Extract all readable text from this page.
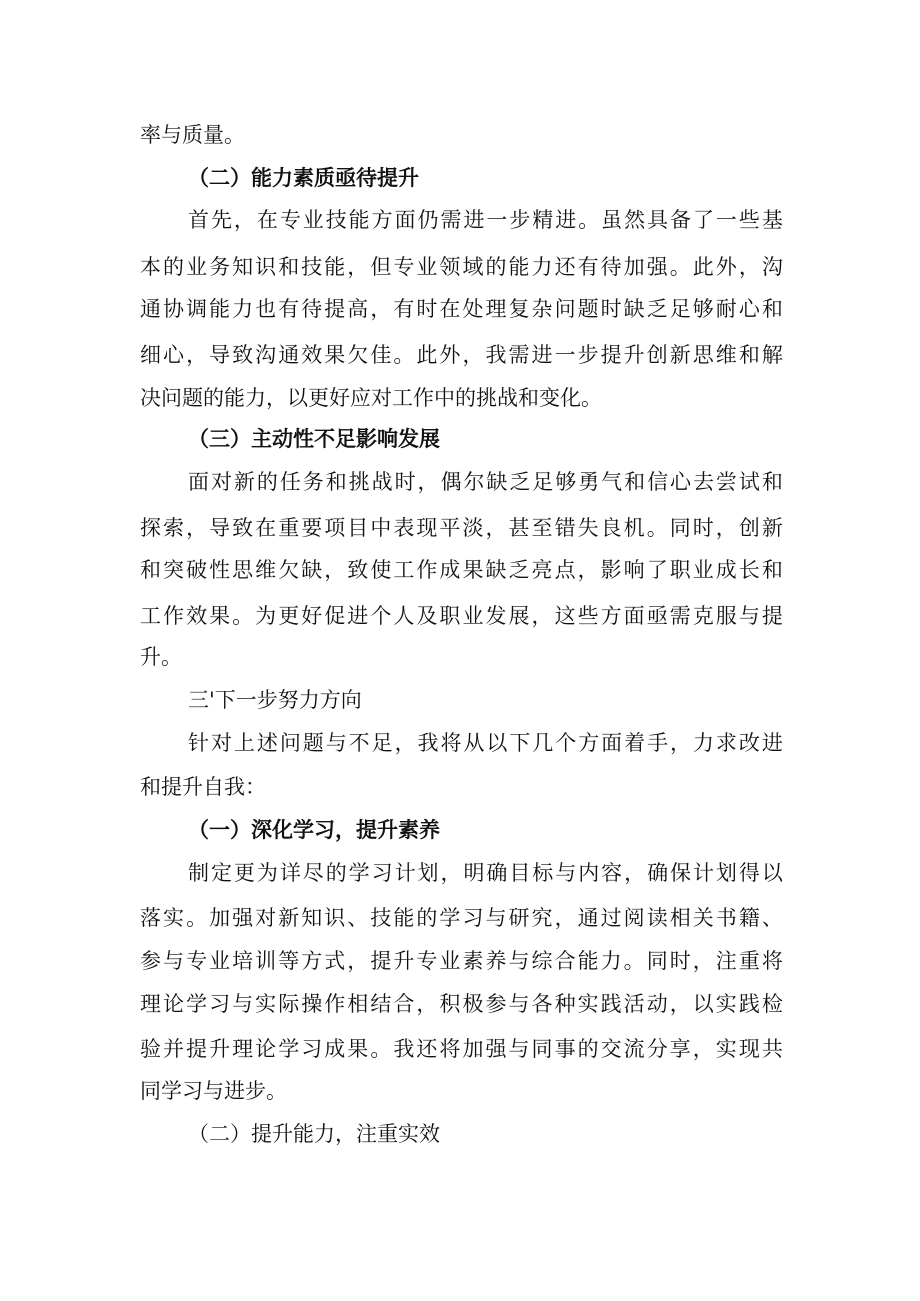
率与质量。
（二）能力素质亟待提升
首 先 ， 在 专 业 技 能 方 面 仍 需 进 一 步 精 进 。 虽 然 具 备 了 一 些 基
本 的 业 务 知 识 和 技 能 ， 但 专 业 领 域 的 能 力 还 有 待 加 强 。 此 外 ， 沟
通 协 调 能 力 也 有 待 提 高 ， 有 时 在 处 理 复 杂 问 题 时 缺 乏 足 够 耐 心 和
细 心 ， 导 致 沟 通 效 果 欠 佳 。 此 外 ， 我 需 进 一 步 提 升 创 新 思 维 和 解
决问题的能力，以更好应对工作中的挑战和变化。
（三）主动性不足影响发展
面 对 新 的 任 务 和 挑 战 时 ， 偶 尔 缺 乏 足 够 勇 气 和 信 心 去 尝 试 和
探 索 ， 导 致 在 重 要 项 目 中 表 现 平 淡 ， 甚 至 错 失 良 机 。 同 时 ， 创 新
和 突 破 性 思 维 欠 缺 ， 致 使 工 作 成 果 缺 乏 亮 点 ， 影 响 了 职 业 成 长 和
工 作 效 果 。 为 更 好 促 进 个 人 及 职 业 发 展 ， 这 些 方 面 亟 需 克 服 与 提
升。
三'下一步努力方向
针 对 上 述 问 题 与 不 足 ， 我 将 从 以 下 几 个 方 面 着 手 ， 力 求 改 进
和提升自我：
（一）深化学习，提升素养
制 定 更 为 详 尽 的 学 习 计 划 ， 明 确 目 标 与 内 容 ， 确 保 计 划 得 以
落 实 。 加 强 对 新 知 识 、 技 能 的 学 习 与 研 究 ， 通 过 阅 读 相 关 书 籍 、
参 与 专 业 培 训 等 方 式 ， 提 升 专 业 素 养 与 综 合 能 力 。 同 时 ， 注 重 将
理 论 学 习 与 实 际 操 作 相 结 合 ， 积 极 参 与 各 种 实 践 活 动 ， 以 实 践 检
验 并 提 升 理 论 学 习 成 果 。 我 还 将 加 强 与 同 事 的 交 流 分 享 ， 实 现 共
同学习与进步。
（二）提升能力，注重实效
